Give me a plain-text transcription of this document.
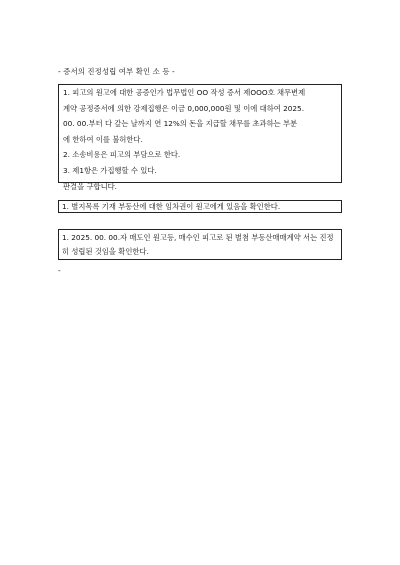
- 증서의 진정성립 여부 확인 소 등 -
1. 피고의 원고에 대한 공증인가 법무법인 OO 작성 증서 제OOO호 채무변제
계약 공정증서에 의한 강제집행은 이금 0,000,000원 및 이에 대하여 2025.
00. 00.부터 다 갚는 날까지 연 12%의 돈을 지급할 채무를 초과하는 부분
에 한하여 이를 불허한다.
2. 소송비용은 피고의 부담으로 한다.
3. 제1항은 가집행할 수 있다.
판결을 구합니다.
1. 별지목록 기재 부동산에 대한 임차권이 원고에게 있음을 확인한다.
1. 2025. 00. 00.자 매도인 원고등, 매수인 피고로 된 별첨 부동산매매계약 서는 진정히 성립된 것임을 확인한다.
-
